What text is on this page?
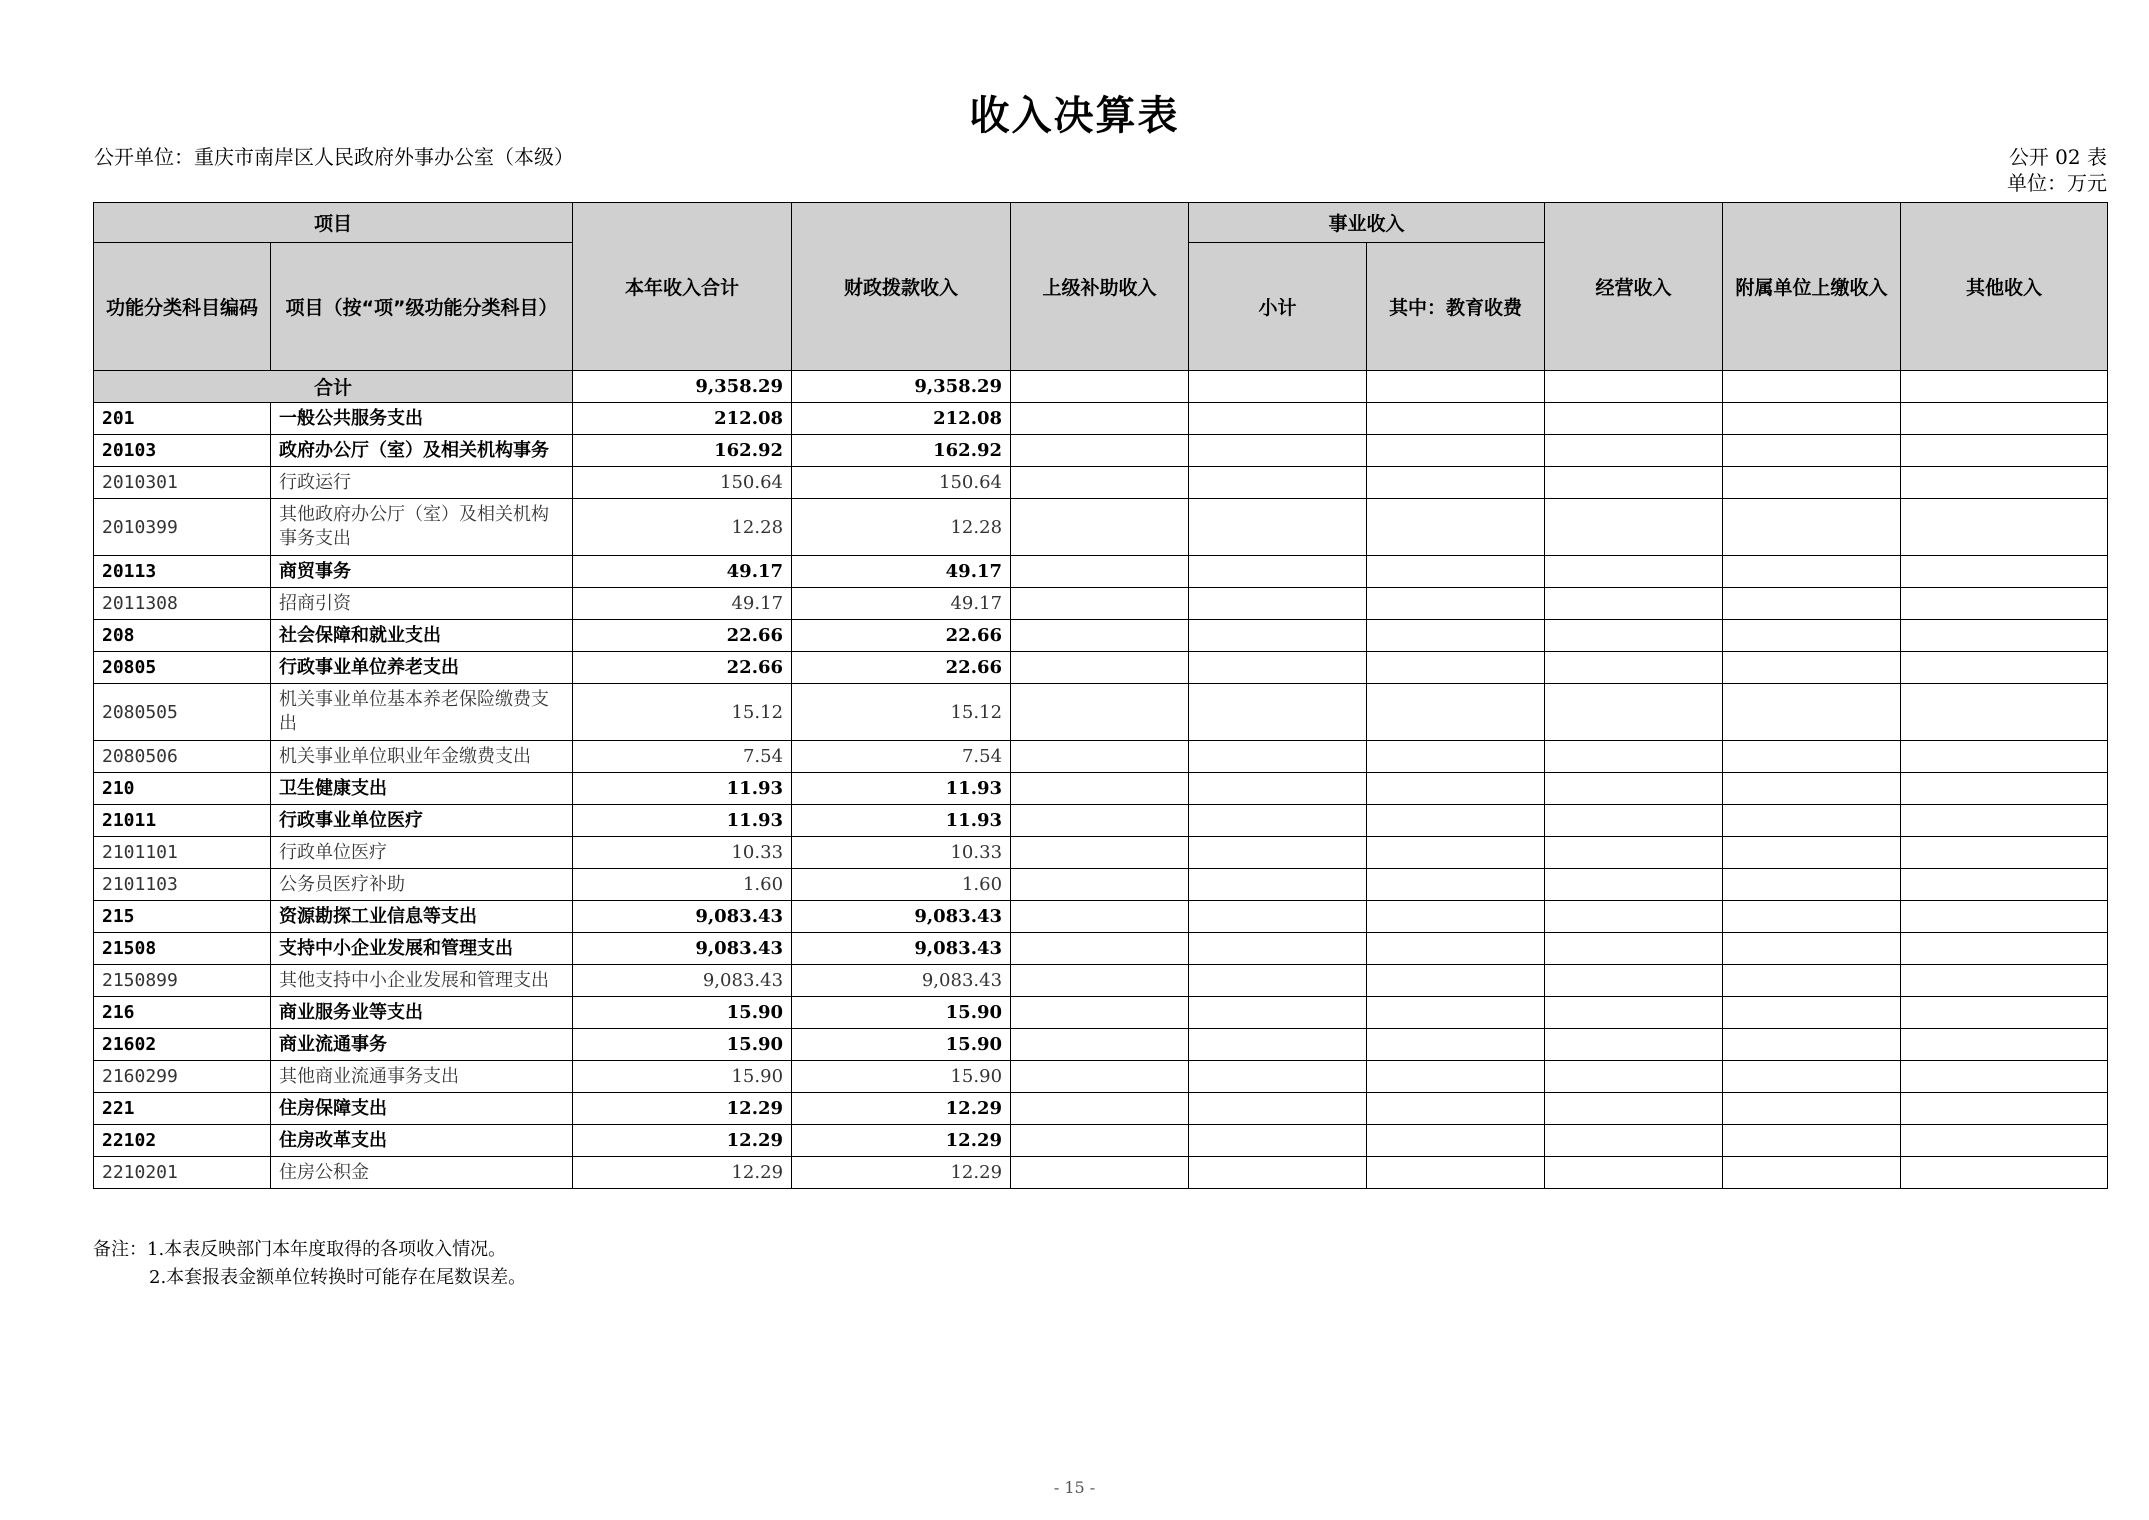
收入决算表
公开单位：重庆市南岸区人民政府外事办公室（本级）	公开 02 表
单位：万元
项目		本年收入合计	财政拨款收入	上级补助收入	事业收入		经营收入	附属单位上缴收入	其他收入
功能分类科目编码	项目（按“项”级功能分类科目）				小计	其中：教育收费			
合计		9,358.29	9,358.29						
201	一般公共服务支出	212.08	212.08						
20103	政府办公厅（室）及相关机构事务	162.92	162.92						
2010301	行政运行	150.64	150.64						
2010399	其他政府办公厅（室）及相关机构事务支出	12.28	12.28						
20113	商贸事务	49.17	49.17						
2011308	招商引资	49.17	49.17						
208	社会保障和就业支出	22.66	22.66						
20805	行政事业单位养老支出	22.66	22.66						
2080505	机关事业单位基本养老保险缴费支出	15.12	15.12						
2080506	机关事业单位职业年金缴费支出	7.54	7.54						
210	卫生健康支出	11.93	11.93						
21011	行政事业单位医疗	11.93	11.93						
2101101	行政单位医疗	10.33	10.33						
2101103	公务员医疗补助	1.60	1.60						
215	资源勘探工业信息等支出	9,083.43	9,083.43						
21508	支持中小企业发展和管理支出	9,083.43	9,083.43						
2150899	其他支持中小企业发展和管理支出	9,083.43	9,083.43						
216	商业服务业等支出	15.90	15.90						
21602	商业流通事务	15.90	15.90						
2160299	其他商业流通事务支出	15.90	15.90						
221	住房保障支出	12.29	12.29						
22102	住房改革支出	12.29	12.29						
2210201	住房公积金	12.29	12.29						
备注：1.本表反映部门本年度取得的各项收入情况。
2.本套报表金额单位转换时可能存在尾数误差。
- 15 -
